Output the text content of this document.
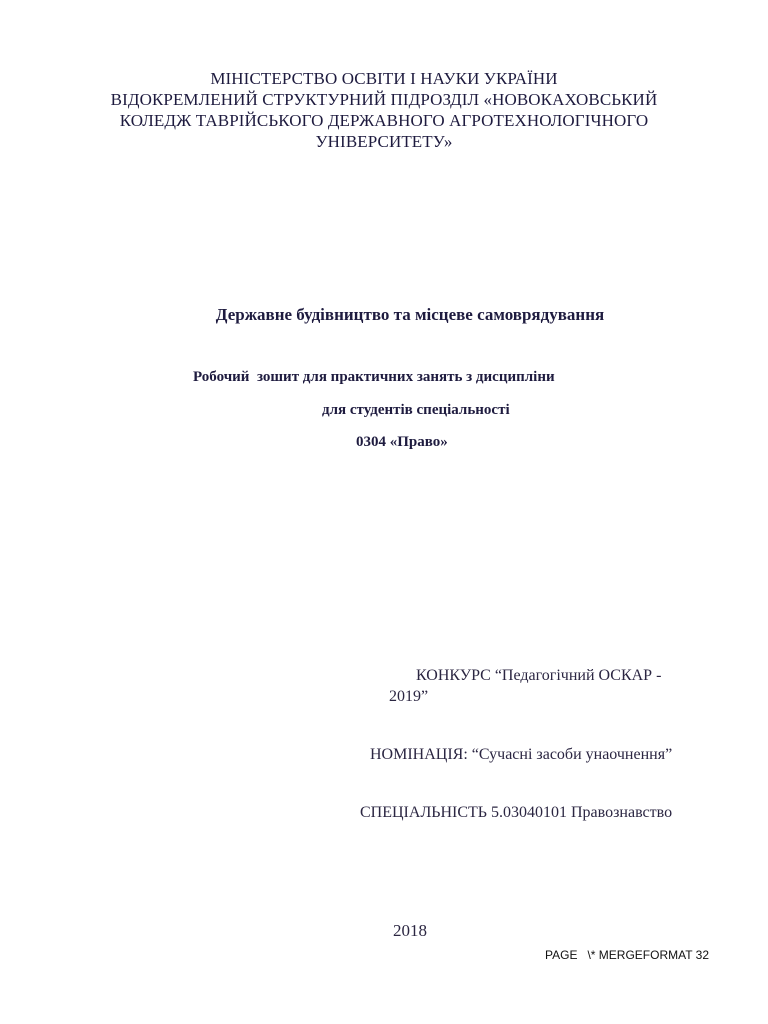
МІНІСТЕРСТВО ОСВІТИ І НАУКИ УКРАЇНИ
ВІДОКРЕМЛЕНИЙ СТРУКТУРНИЙ ПІДРОЗДІЛ «НОВОКАХОВСЬКИЙ
КОЛЕДЖ ТАВРІЙСЬКОГО ДЕРЖАВНОГО АГРОТЕХНОЛОГІЧНОГО
УНІВЕРСИТЕТУ»
Державне будівництво та місцеве самоврядування
Робочий  зошит для практичних занять з дисципліни
для студентів спеціальності
0304 «Право»
КОНКУРС “Педагогічний ОСКАР -
2019”
НОМІНАЦІЯ: “Сучасні засоби унаочнення”
СПЕЦІАЛЬНІСТЬ 5.03040101 Правознавство
2018
PAGE   \* MERGEFORMAT 32
